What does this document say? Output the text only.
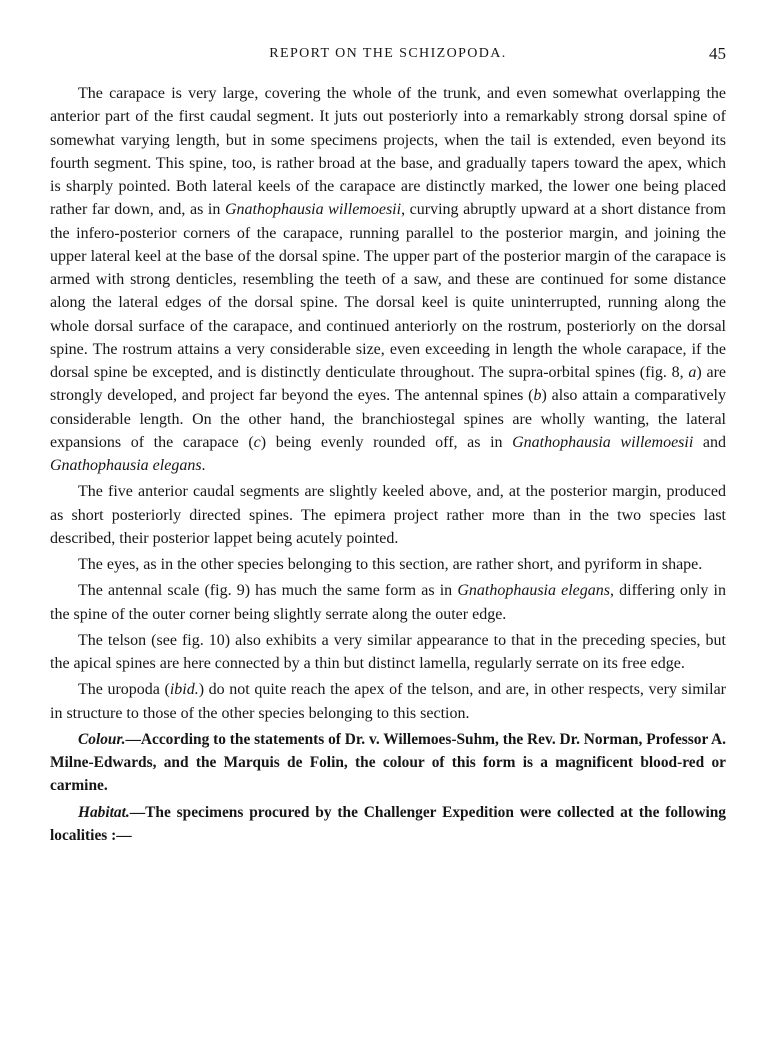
REPORT ON THE SCHIZOPODA.	45

The carapace is very large, covering the whole of the trunk, and even somewhat overlapping the anterior part of the first caudal segment. It juts out posteriorly into a remarkably strong dorsal spine of somewhat varying length, but in some specimens projects, when the tail is extended, even beyond its fourth segment. This spine, too, is rather broad at the base, and gradually tapers toward the apex, which is sharply pointed. Both lateral keels of the carapace are distinctly marked, the lower one being placed rather far down, and, as in Gnathophausia willemoesii, curving abruptly upward at a short distance from the infero-posterior corners of the carapace, running parallel to the posterior margin, and joining the upper lateral keel at the base of the dorsal spine. The upper part of the posterior margin of the carapace is armed with strong denticles, resembling the teeth of a saw, and these are continued for some distance along the lateral edges of the dorsal spine. The dorsal keel is quite uninterrupted, running along the whole dorsal surface of the carapace, and continued anteriorly on the rostrum, posteriorly on the dorsal spine. The rostrum attains a very considerable size, even exceeding in length the whole carapace, if the dorsal spine be excepted, and is distinctly denticulate throughout. The supra-orbital spines (fig. 8, a) are strongly developed, and project far beyond the eyes. The antennal spines (b) also attain a comparatively considerable length. On the other hand, the branchiostegal spines are wholly wanting, the lateral expansions of the carapace (c) being evenly rounded off, as in Gnathophausia willemoesii and Gnathophausia elegans.

The five anterior caudal segments are slightly keeled above, and, at the posterior margin, produced as short posteriorly directed spines. The epimera project rather more than in the two species last described, their posterior lappet being acutely pointed.

The eyes, as in the other species belonging to this section, are rather short, and pyriform in shape.

The antennal scale (fig. 9) has much the same form as in Gnathophausia elegans, differing only in the spine of the outer corner being slightly serrate along the outer edge.

The telson (see fig. 10) also exhibits a very similar appearance to that in the preceding species, but the apical spines are here connected by a thin but distinct lamella, regularly serrate on its free edge.

The uropoda (ibid.) do not quite reach the apex of the telson, and are, in other respects, very similar in structure to those of the other species belonging to this section.

Colour.—According to the statements of Dr. v. Willemoes-Suhm, the Rev. Dr. Norman, Professor A. Milne-Edwards, and the Marquis de Folin, the colour of this form is a magnificent blood-red or carmine.

Habitat.—The specimens procured by the Challenger Expedition were collected at the following localities :—
